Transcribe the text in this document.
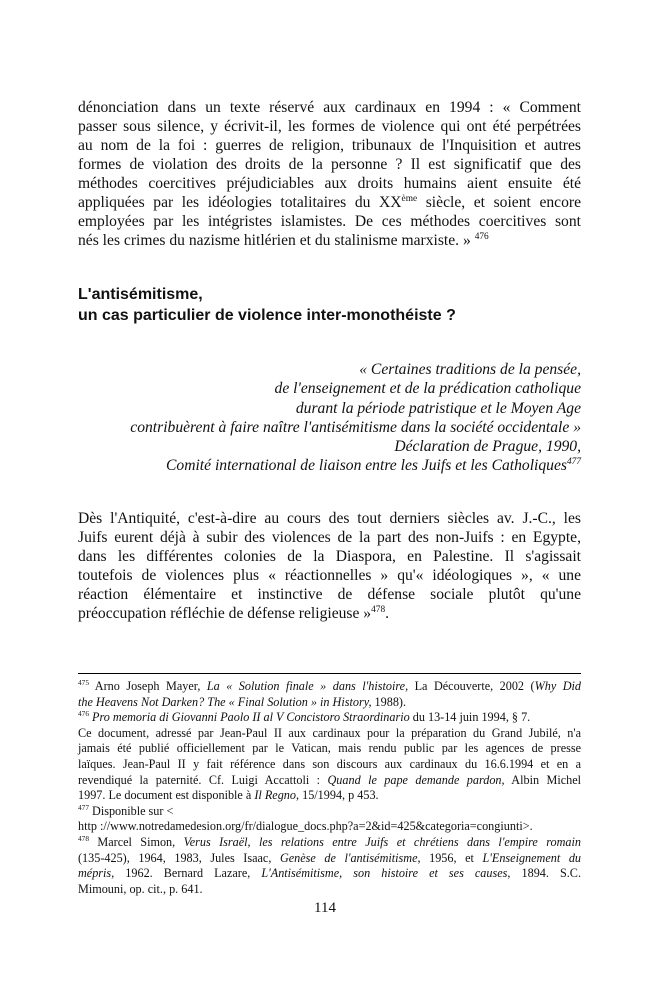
dénonciation dans un texte réservé aux cardinaux en 1994 : « Comment
passer sous silence, y écrivit-il, les formes de violence qui ont été perpétrées
au nom de la foi : guerres de religion, tribunaux de l'Inquisition et autres
formes de violation des droits de la personne ? Il est significatif que des
méthodes coercitives préjudiciables aux droits humains aient ensuite été
appliquées par les idéologies totalitaires du XXème siècle, et soient encore
employées par les intégristes islamistes. De ces méthodes coercitives sont
nés les crimes du nazisme hitlérien et du stalinisme marxiste. » $^{476}$
L'antisémitisme,
un cas particulier de violence inter-monothéiste ?
« Certaines traditions de la pensée,
de l'enseignement et de la prédication catholique
durant la période patristique et le Moyen Age
contribuèrent à faire naître l'antisémitisme dans la société occidentale »
Déclaration de Prague, 1990,
Comité international de liaison entre les Juifs et les Catholiques$^{477}$
Dès l'Antiquité, c'est-à-dire au cours des tout derniers siècles av. J.-C., les
Juifs eurent déjà à subir des violences de la part des non-Juifs : en Egypte,
dans les différentes colonies de la Diaspora, en Palestine. Il s'agissait
toutefois de violences plus « réactionnelles » qu'« idéologiques », « une
réaction élémentaire et instinctive de défense sociale plutôt qu'une
préoccupation réfléchie de défense religieuse »$^{478}$.
$^{475}$ Arno Joseph Mayer, La « Solution finale » dans l'histoire, La Découverte, 2002 (Why Did
the Heavens Not Darken? The « Final Solution » in History, 1988).
$^{476}$ Pro memoria di Giovanni Paolo II al V Concistoro Straordinario du 13-14 juin 1994, § 7.
Ce document, adressé par Jean-Paul II aux cardinaux pour la préparation du Grand Jubilé, n'a
jamais été publié officiellement par le Vatican, mais rendu public par les agences de presse
laïques. Jean-Paul II y fait référence dans son discours aux cardinaux du 16.6.1994 et en a
revendiqué la paternité. Cf. Luigi Accattoli : Quand le pape demande pardon, Albin Michel
1997. Le document est disponible à Il Regno, 15/1994, p 453.
$^{477}$ Disponible sur <
http ://www.notredamedesion.org/fr/dialogue_docs.php?a=2&id=425&categoria=congiunti>.
$^{478}$ Marcel Simon, Verus Israël, les relations entre Juifs et chrétiens dans l'empire romain
(135-425), 1964, 1983, Jules Isaac, Genèse de l'antisémitisme, 1956, et L'Enseignement du
mépris, 1962. Bernard Lazare, L'Antisémitisme, son histoire et ses causes, 1894. S.C.
Mimouni, op. cit., p. 641.
114
